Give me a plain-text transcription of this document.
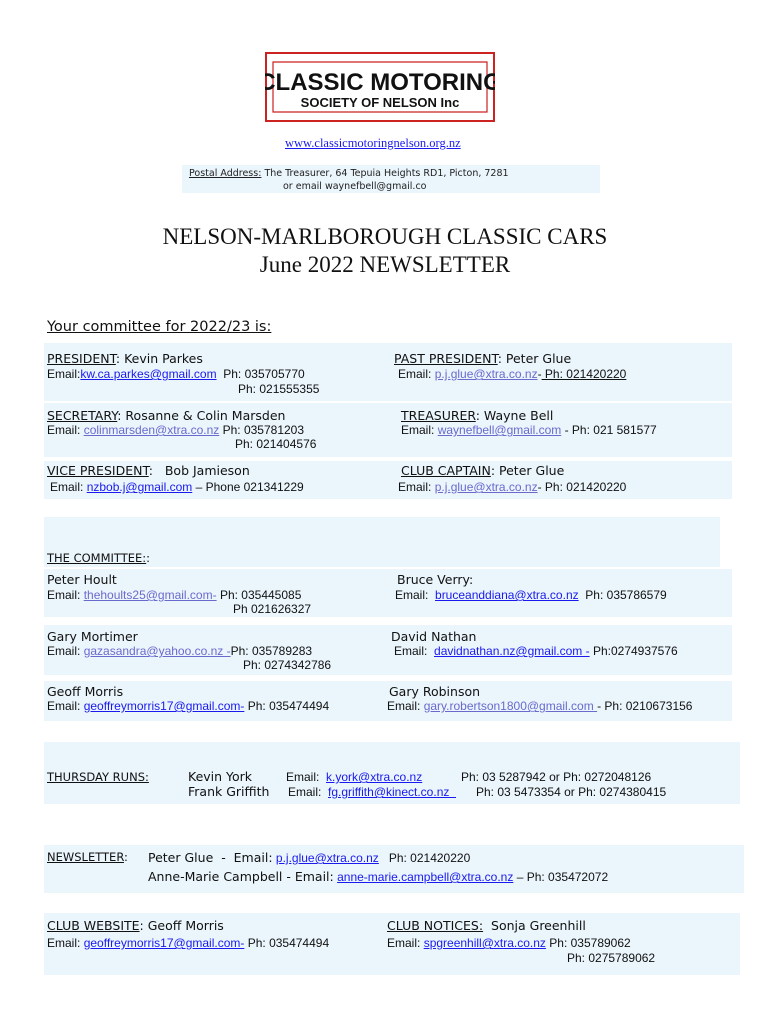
CLASSIC MOTORING
SOCIETY OF NELSON Inc
www.classicmotoringnelson.org.nz
Postal Address: The Treasurer, 64 Tepuia Heights RD1, Picton, 7281
or email waynefbell@gmail.co
NELSON-MARLBOROUGH CLASSIC CARS
June 2022 NEWSLETTER
Your committee for 2022/23 is:
PRESIDENT: Kevin Parkes
Email:kw.ca.parkes@gmail.com Ph: 035705770
Ph: 021555355
PAST PRESIDENT: Peter Glue
Email: p.j.glue@xtra.co.nz- Ph: 021420220
SECRETARY: Rosanne & Colin Marsden
Email: colinmarsden@xtra.co.nz Ph: 035781203
Ph: 021404576
TREASURER: Wayne Bell
Email: waynefbell@gmail.com - Ph: 021 581577
VICE PRESIDENT:   Bob Jamieson
Email: nzbob.j@gmail.com – Phone 021341229
CLUB CAPTAIN: Peter Glue
Email: p.j.glue@xtra.co.nz- Ph: 021420220
THE COMMITTEE::
Peter Hoult
Email: thehoults25@gmail.com- Ph: 035445085
Ph 021626327
Bruce Verry:
Email: bruceanddiana@xtra.co.nz Ph: 035786579
Gary Mortimer
Email: gazasandra@yahoo.co.nz -Ph: 035789283
Ph: 0274342786
David Nathan
Email: davidnathan.nz@gmail.com - Ph:0274937576
Geoff Morris
Email: geoffreymorris17@gmail.com- Ph: 035474494
Gary Robinson
Email: gary.robertson1800@gmail.com - Ph: 0210673156
THURSDAY RUNS:	Kevin York	Email: k.york@xtra.co.nz	Ph: 03 5287942 or Ph: 0272048126
Frank Griffith Email: fg.griffith@kinect.co.nz Ph: 03 5473354 or Ph: 0274380415
NEWSLETTER: Peter Glue  -  Email: p.j.glue@xtra.co.nz Ph: 021420220
Anne-Marie Campbell - Email: anne-marie.campbell@xtra.co.nz – Ph: 035472072
CLUB WEBSITE: Geoff Morris
Email: geoffreymorris17@gmail.com- Ph: 035474494
CLUB NOTICES: Sonja Greenhill
Email: spgreenhill@xtra.co.nz Ph: 035789062
Ph: 0275789062
